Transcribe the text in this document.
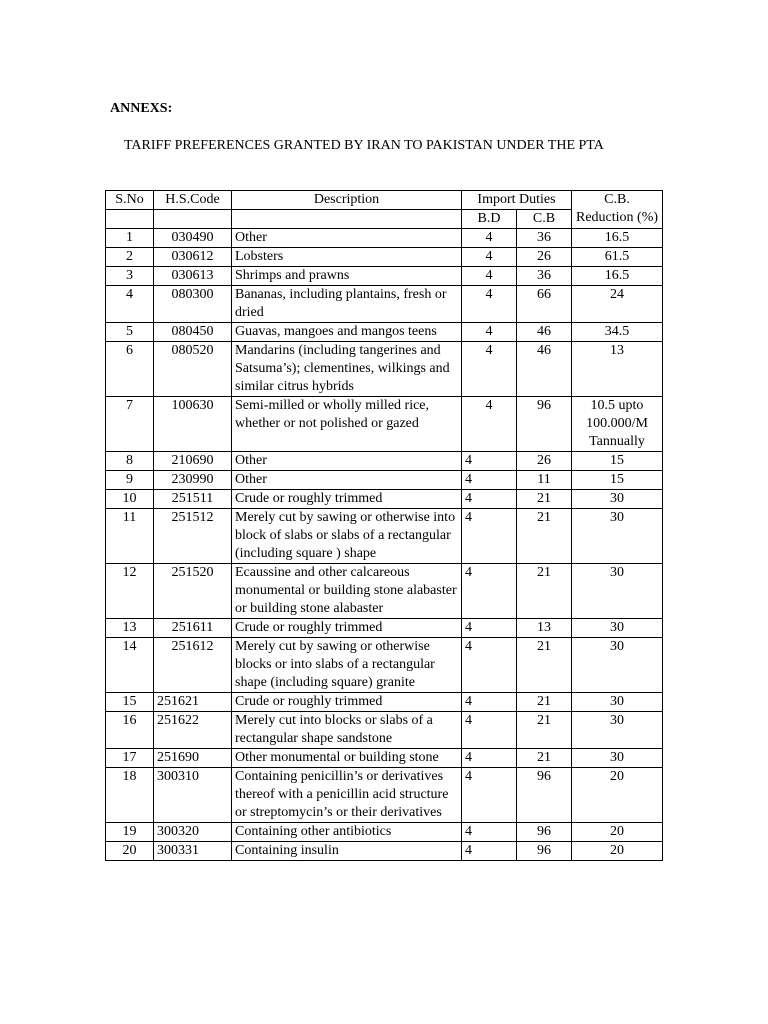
ANNEXS:

TARIFF PREFERENCES GRANTED BY IRAN TO PAKISTAN UNDER THE PTA

S.No	H.S.Code	Description	Import Duties		C.B. Reduction (%)
			B.D	C.B	
1	030490	Other	4	36	16.5
2	030612	Lobsters	4	26	61.5
3	030613	Shrimps and prawns	4	36	16.5
4	080300	Bananas, including plantains, fresh or dried	4	66	24
5	080450	Guavas, mangoes and mangos teens	4	46	34.5
6	080520	Mandarins (including tangerines and Satsuma’s); clementines, wilkings and similar citrus hybrids	4	46	13
7	100630	Semi-milled or wholly milled rice, whether or not polished or gazed	4	96	10.5 upto 100.000/M Tannually
8	210690	Other	4	26	15
9	230990	Other	4	11	15
10	251511	Crude or roughly trimmed	4	21	30
11	251512	Merely cut by sawing or otherwise into block of slabs or slabs of a rectangular (including square ) shape	4	21	30
12	251520	Ecaussine and other calcareous monumental or building stone alabaster or building stone alabaster	4	21	30
13	251611	Crude or roughly trimmed	4	13	30
14	251612	Merely cut by sawing or otherwise blocks or into slabs of a rectangular shape (including square) granite	4	21	30
15	251621	Crude or roughly trimmed	4	21	30
16	251622	Merely cut into blocks or slabs of a rectangular shape sandstone	4	21	30
17	251690	Other monumental or building stone	4	21	30
18	300310	Containing penicillin’s or derivatives thereof with a penicillin acid structure or streptomycin’s or their derivatives	4	96	20
19	300320	Containing other antibiotics	4	96	20
20	300331	Containing insulin	4	96	20
